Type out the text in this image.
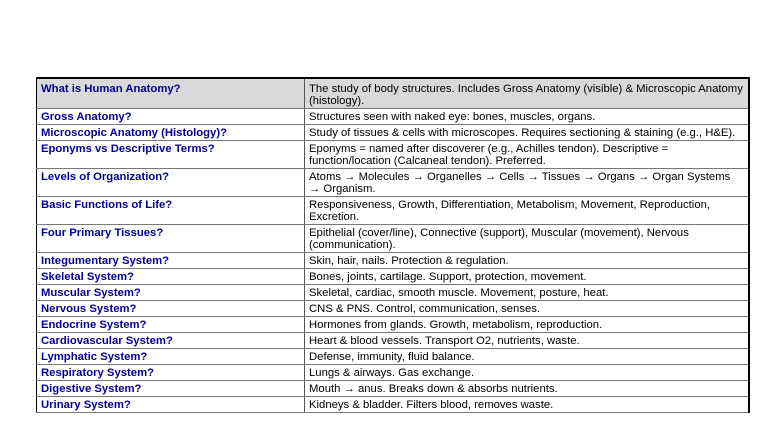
What is Human Anatomy?	The study of body structures. Includes Gross Anatomy (visible) & Microscopic Anatomy (histology).
Gross Anatomy?	Structures seen with naked eye: bones, muscles, organs.
Microscopic Anatomy (Histology)?	Study of tissues & cells with microscopes. Requires sectioning & staining (e.g., H&E).
Eponyms vs Descriptive Terms?	Eponyms = named after discoverer (e.g., Achilles tendon). Descriptive = function/location (Calcaneal tendon). Preferred.
Levels of Organization?	Atoms → Molecules → Organelles → Cells → Tissues → Organs → Organ Systems → Organism.
Basic Functions of Life?	Responsiveness, Growth, Differentiation, Metabolism, Movement, Reproduction, Excretion.
Four Primary Tissues?	Epithelial (cover/line), Connective (support), Muscular (movement), Nervous (communication).
Integumentary System?	Skin, hair, nails. Protection & regulation.
Skeletal System?	Bones, joints, cartilage. Support, protection, movement.
Muscular System?	Skeletal, cardiac, smooth muscle. Movement, posture, heat.
Nervous System?	CNS & PNS. Control, communication, senses.
Endocrine System?	Hormones from glands. Growth, metabolism, reproduction.
Cardiovascular System?	Heart & blood vessels. Transport O2, nutrients, waste.
Lymphatic System?	Defense, immunity, fluid balance.
Respiratory System?	Lungs & airways. Gas exchange.
Digestive System?	Mouth → anus. Breaks down & absorbs nutrients.
Urinary System?	Kidneys & bladder. Filters blood, removes waste.
